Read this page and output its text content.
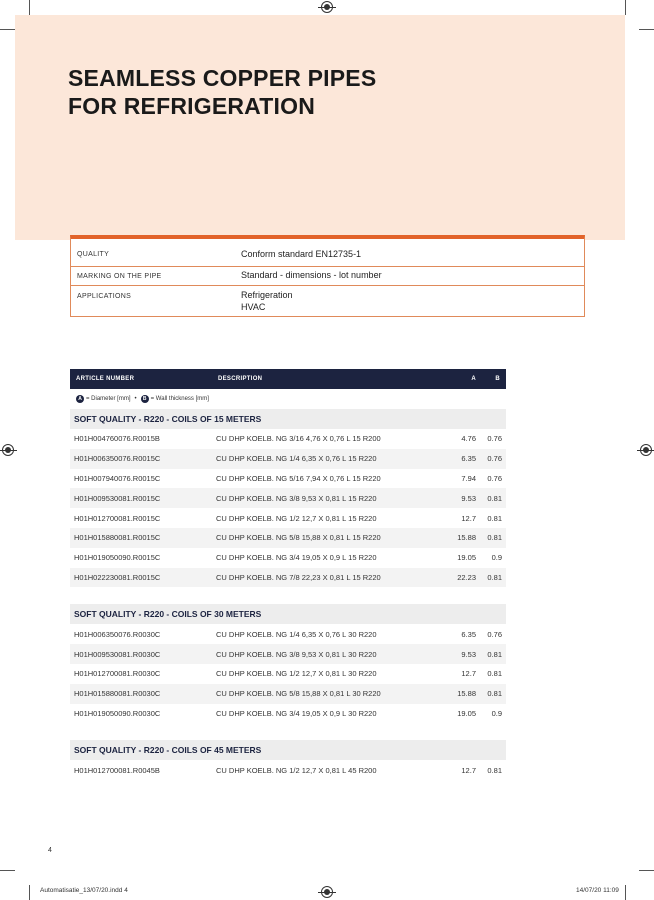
SEAMLESS COPPER PIPES
FOR REFRIGERATION
QUALITY	Conform standard EN12735-1
MARKING ON THE PIPE	Standard - dimensions - lot number
APPLICATIONS	Refrigeration
HVAC
ARTICLE NUMBER	DESCRIPTION	A	B
A = Diameter [mm] •	B = Wall thickness [mm]
SOFT QUALITY - R220 - COILS OF 15 METERS
H01H004760076.R0015B	CU DHP KOELB. NG 3/16 4,76 X 0,76 L 15 R200	4.76	0.76
H01H006350076.R0015C	CU DHP KOELB. NG 1/4 6,35 X 0,76 L 15 R220	6.35	0.76
H01H007940076.R0015C	CU DHP KOELB. NG 5/16 7,94 X 0,76 L 15 R220	7.94	0.76
H01H009530081.R0015C	CU DHP KOELB. NG 3/8 9,53 X 0,81 L 15 R220	9.53	0.81
H01H012700081.R0015C	CU DHP KOELB. NG 1/2 12,7 X 0,81 L 15 R220	12.7	0.81
H01H015880081.R0015C	CU DHP KOELB. NG 5/8 15,88 X 0,81 L 15 R220	15.88	0.81
H01H019050090.R0015C	CU DHP KOELB. NG 3/4 19,05 X 0,9 L 15 R220	19.05	0.9
H01H022230081.R0015C	CU DHP KOELB. NG 7/8 22,23 X 0,81 L 15 R220	22.23	0.81
SOFT QUALITY - R220 - COILS OF 30 METERS
H01H006350076.R0030C	CU DHP KOELB. NG 1/4 6,35 X 0,76 L 30 R220	6.35	0.76
H01H009530081.R0030C	CU DHP KOELB. NG 3/8 9,53 X 0,81 L 30 R220	9.53	0.81
H01H012700081.R0030C	CU DHP KOELB. NG 1/2 12,7 X 0,81 L 30 R220	12.7	0.81
H01H015880081.R0030C	CU DHP KOELB. NG 5/8 15,88 X 0,81 L 30 R220	15.88	0.81
H01H019050090.R0030C	CU DHP KOELB. NG 3/4 19,05 X 0,9 L 30 R220	19.05	0.9
SOFT QUALITY - R220 - COILS OF 45 METERS
H01H012700081.R0045B	CU DHP KOELB. NG 1/2 12,7 X 0,81 L 45 R200	12.7	0.81
4
Automatisatie_13/07/20.indd 4	14/07/20 11:09
